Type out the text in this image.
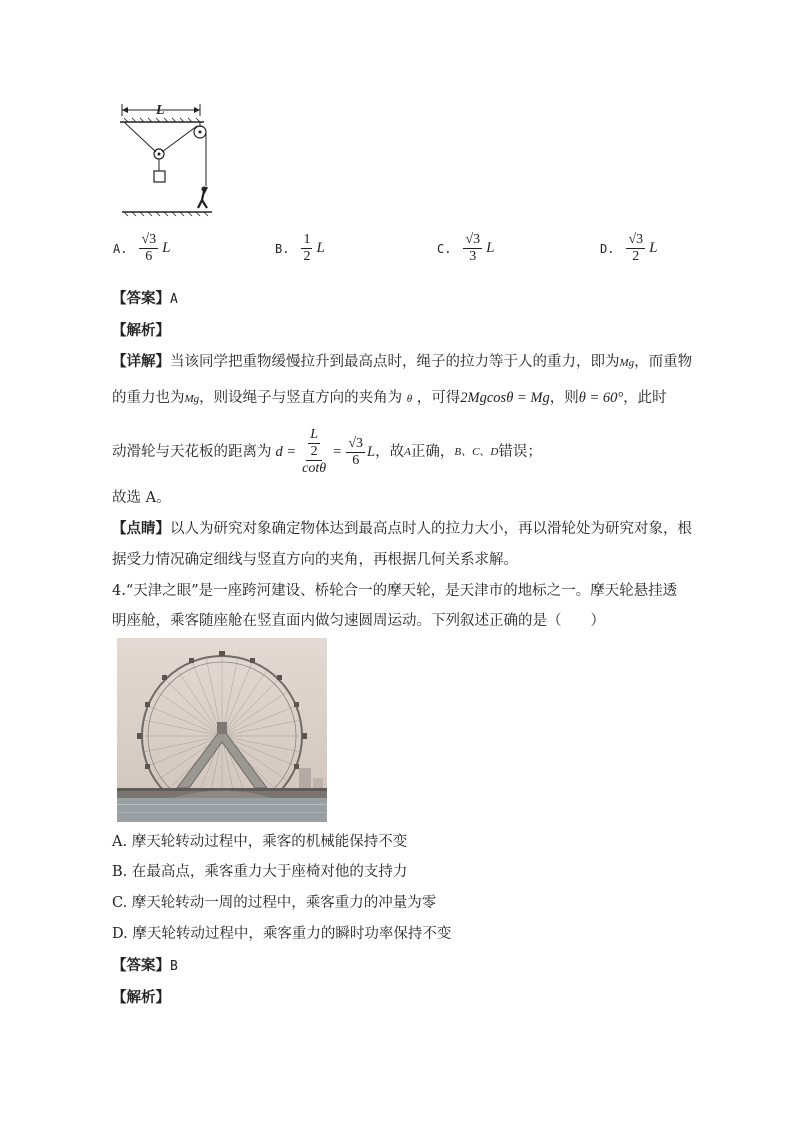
L
A. $\frac{√3}{6}$ L	B. $\frac{1}{2}$ L	C. $\frac{√3}{3}$ L	D. $\frac{√3}{2}$ L
【答案】A
【解析】
【详解】当该同学把重物缓慢拉升到最高点时，绳子的拉力等于人的重力，即为Mg，而重物
的重力也为Mg，则设绳子与竖直方向的夹角为 θ ，可得2Mgcosθ = Mg，则θ = 60°，此时
动滑轮与天花板的距离为 d = L
2
$\cot\theta = \frac{√3}{6}$ L ，故 A 正确， B、C、D 错误；
故选 A。
【点睛】以人为研究对象确定物体达到最高点时人的拉力大小，再以滑轮处为研究对象，根
据受力情况确定细线与竖直方向的夹角，再根据几何关系求解。
4.“天津之眼”是一座跨河建设、桥轮合一的摩天轮，是天津市的地标之一。摩天轮悬挂透
明座舱，乘客随座舱在竖直面内做匀速圆周运动。下列叙述正确的是（　　）
A. 摩天轮转动过程中，乘客的机械能保持不变
B. 在最高点，乘客重力大于座椅对他的支持力
C. 摩天轮转动一周的过程中，乘客重力的冲量为零
D. 摩天轮转动过程中，乘客重力的瞬时功率保持不变
【答案】B
【解析】
